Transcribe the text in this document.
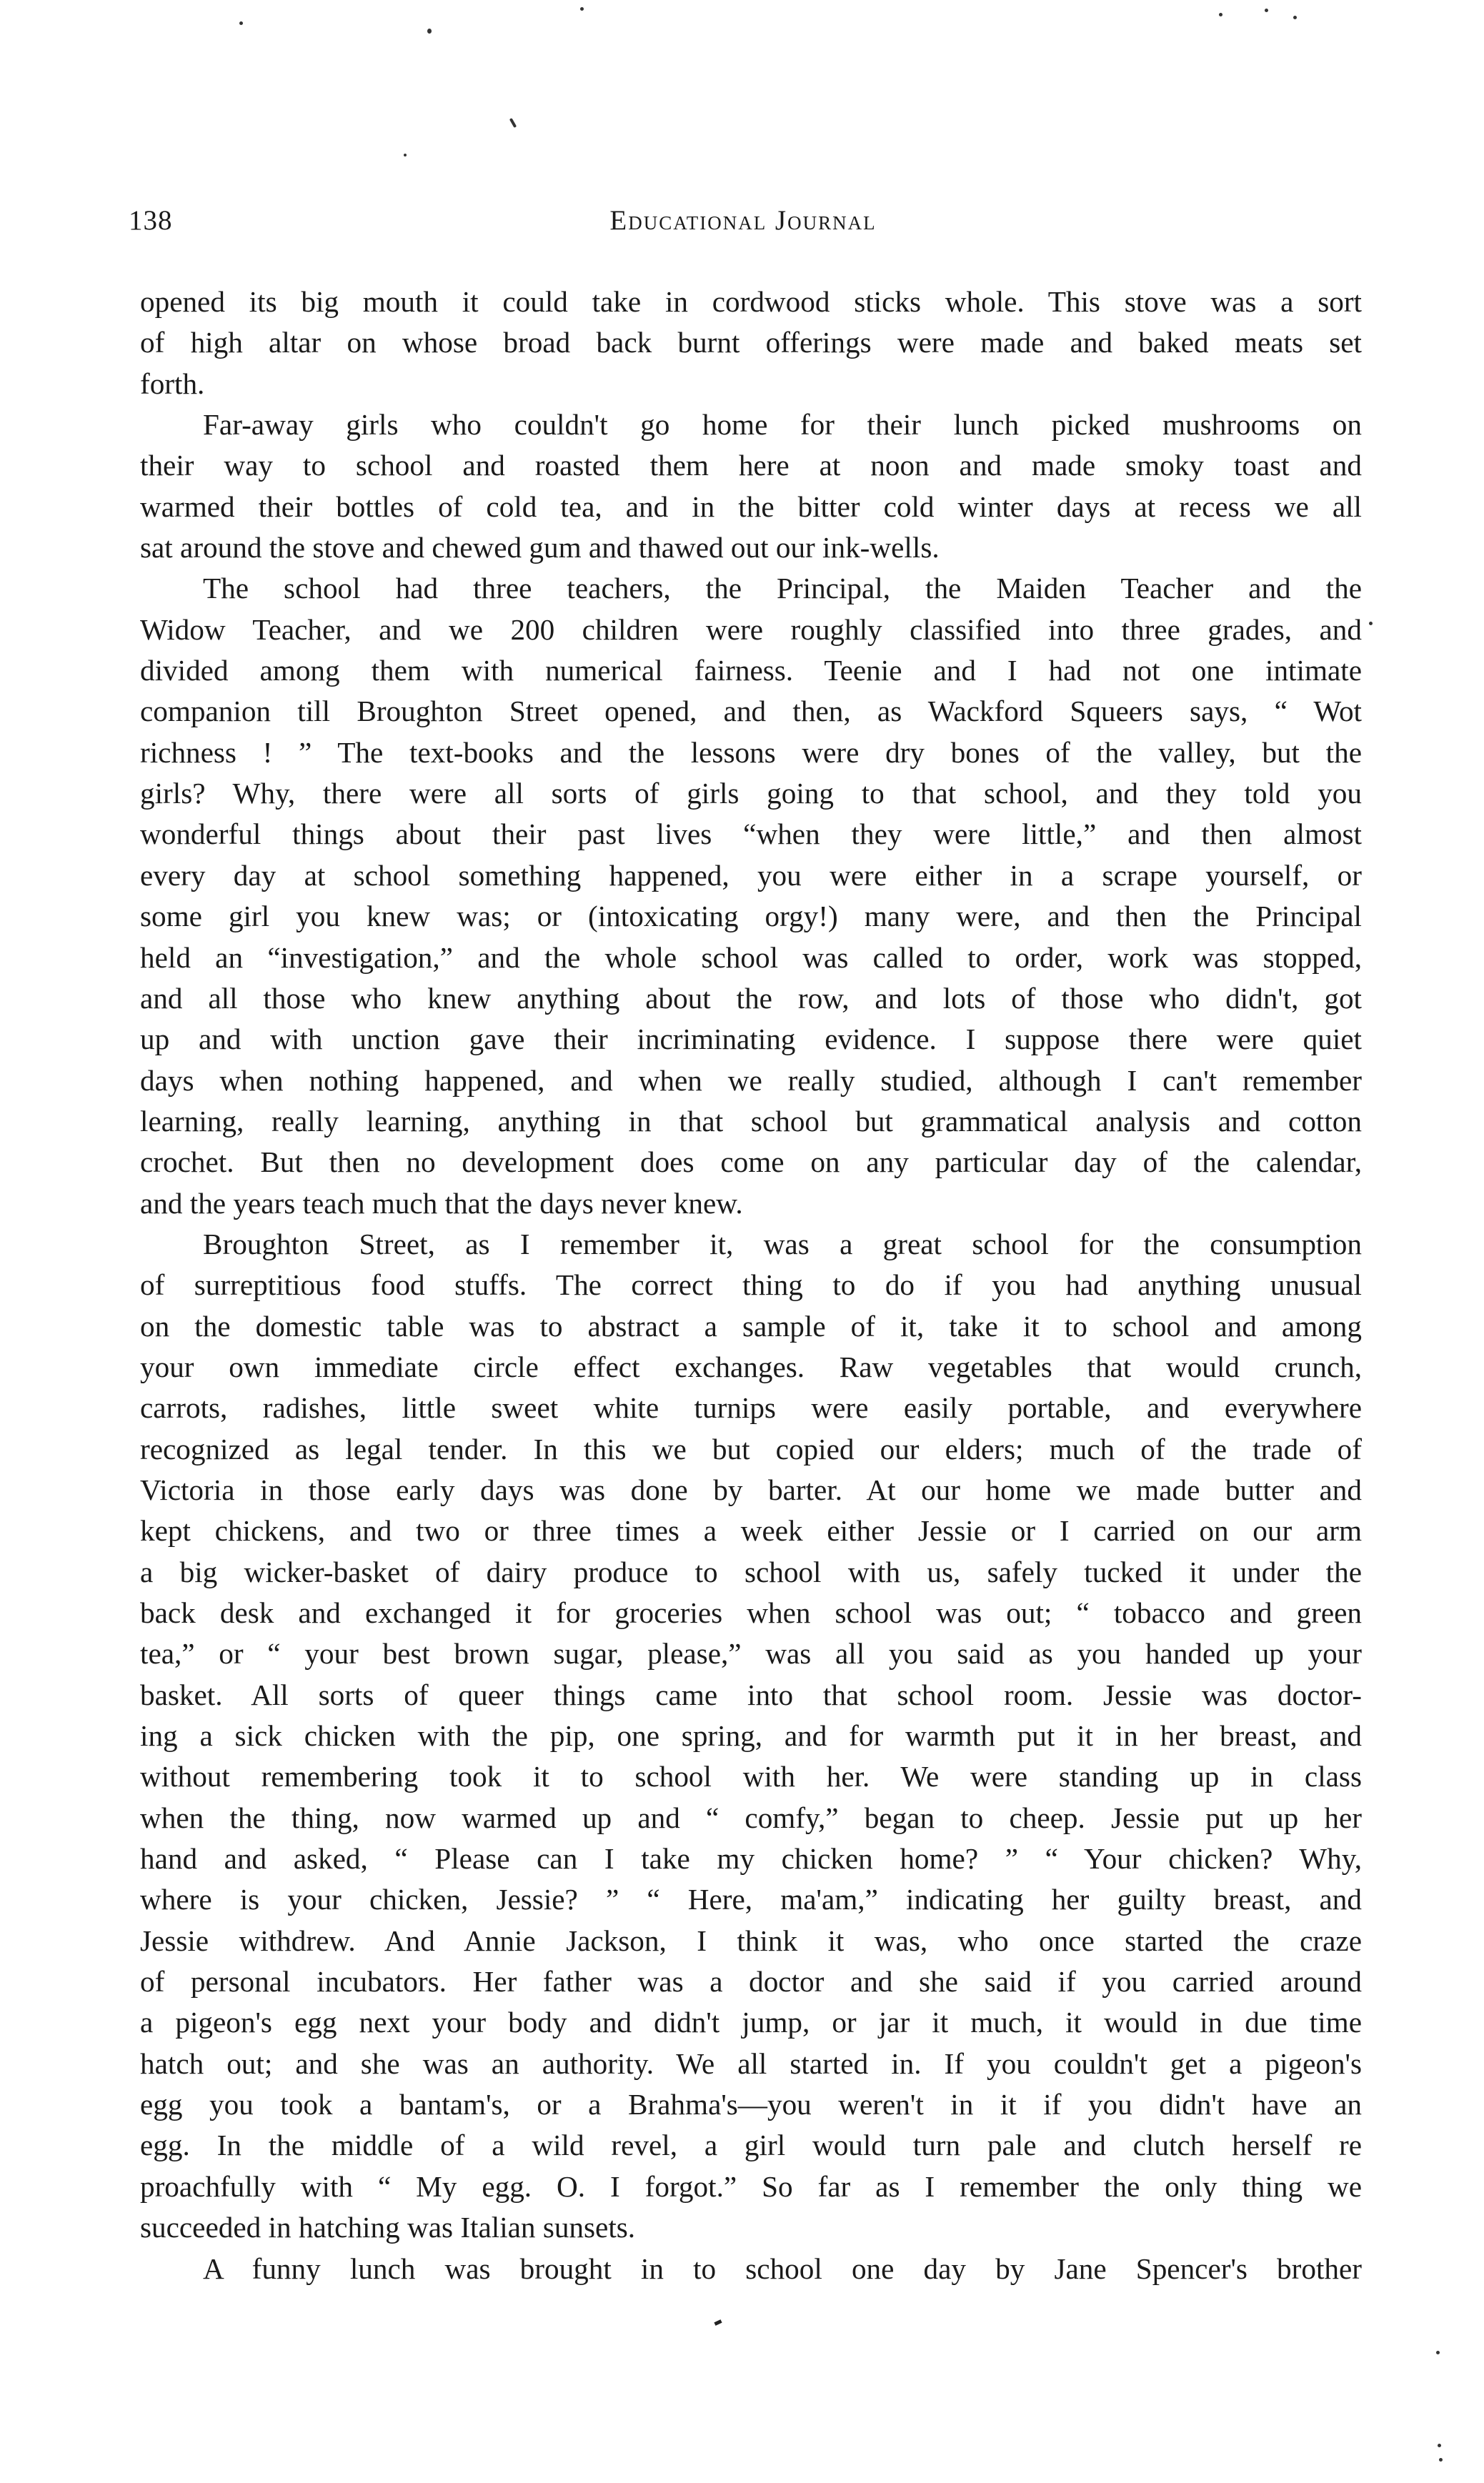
138	Educational Journal
opened its big mouth it could take in cordwood sticks whole. This stove was a sort
of high altar on whose broad back burnt offerings were made and baked meats set
forth.
Far-away girls who couldn't go home for their lunch picked mushrooms on
their way to school and roasted them here at noon and made smoky toast and
warmed their bottles of cold tea, and in the bitter cold winter days at recess we all
sat around the stove and chewed gum and thawed out our ink-wells.
The school had three teachers, the Principal, the Maiden Teacher and the
Widow Teacher, and we 200 children were roughly classified into three grades, and
divided among them with numerical fairness. Teenie and I had not one intimate
companion till Broughton Street opened, and then, as Wackford Squeers says, “ Wot
richness ! ” The text-books and the lessons were dry bones of the valley, but the
girls? Why, there were all sorts of girls going to that school, and they told you
wonderful things about their past lives “when they were little,” and then almost
every day at school something happened, you were either in a scrape yourself, or
some girl you knew was; or (intoxicating orgy!) many were, and then the Principal
held an “investigation,” and the whole school was called to order, work was stopped,
and all those who knew anything about the row, and lots of those who didn't, got
up and with unction gave their incriminating evidence. I suppose there were quiet
days when nothing happened, and when we really studied, although I can't remember
learning, really learning, anything in that school but grammatical analysis and cotton
crochet. But then no development does come on any particular day of the calendar,
and the years teach much that the days never knew.
Broughton Street, as I remember it, was a great school for the consumption
of surreptitious food stuffs. The correct thing to do if you had anything unusual
on the domestic table was to abstract a sample of it, take it to school and among
your own immediate circle effect exchanges. Raw vegetables that would crunch,
carrots, radishes, little sweet white turnips were easily portable, and everywhere
recognized as legal tender. In this we but copied our elders; much of the trade of
Victoria in those early days was done by barter. At our home we made butter and
kept chickens, and two or three times a week either Jessie or I carried on our arm
a big wicker-basket of dairy produce to school with us, safely tucked it under the
back desk and exchanged it for groceries when school was out; “ tobacco and green
tea,” or “ your best brown sugar, please,” was all you said as you handed up your
basket. All sorts of queer things came into that school room. Jessie was doctor-
ing a sick chicken with the pip, one spring, and for warmth put it in her breast, and
without remembering took it to school with her. We were standing up in class
when the thing, now warmed up and “ comfy,” began to cheep. Jessie put up her
hand and asked, “ Please can I take my chicken home? ” “ Your chicken? Why,
where is your chicken, Jessie? ” “ Here, ma'am,” indicating her guilty breast, and
Jessie withdrew. And Annie Jackson, I think it was, who once started the craze
of personal incubators. Her father was a doctor and she said if you carried around
a pigeon's egg next your body and didn't jump, or jar it much, it would in due time
hatch out; and she was an authority. We all started in. If you couldn't get a pigeon's
egg you took a bantam's, or a Brahma's—you weren't in it if you didn't have an
egg. In the middle of a wild revel, a girl would turn pale and clutch herself re
proachfully with “ My egg. O. I forgot.” So far as I remember the only thing we
succeeded in hatching was Italian sunsets.
A funny lunch was brought in to school one day by Jane Spencer's brother
